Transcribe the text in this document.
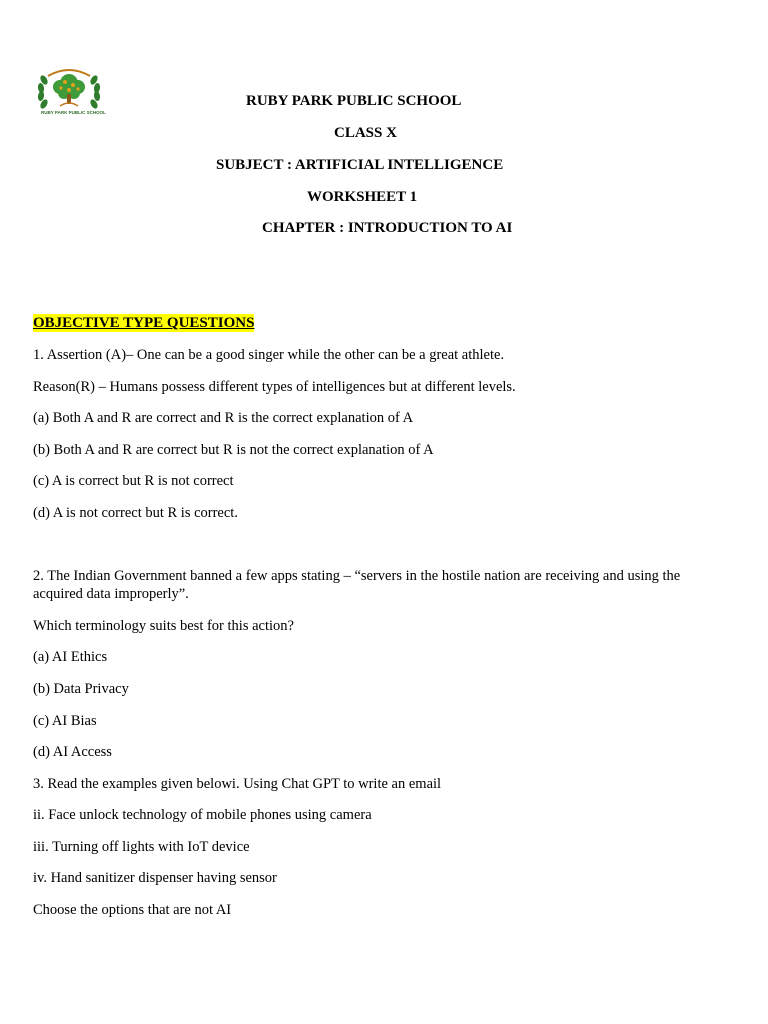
RUBY PARK PUBLIC SCHOOL
RUBY PARK PUBLIC SCHOOL
CLASS X
SUBJECT : ARTIFICIAL INTELLIGENCE
WORKSHEET 1
CHAPTER : INTRODUCTION TO AI
OBJECTIVE TYPE QUESTIONS
1. Assertion (A)– One can be a good singer while the other can be a great athlete.
Reason(R) – Humans possess different types of intelligences but at different levels.
(a) Both A and R are correct and R is the correct explanation of A
(b) Both A and R are correct but R is not the correct explanation of A
(c) A is correct but R is not correct
(d) A is not correct but R is correct.
2. The Indian Government banned a few apps stating – “servers in the hostile nation are receiving and using the acquired data improperly”.
Which terminology suits best for this action?
(a) AI Ethics
(b) Data Privacy
(c) AI Bias
(d) AI Access
3. Read the examples given belowi. Using Chat GPT to write an email
ii. Face unlock technology of mobile phones using camera
iii. Turning off lights with IoT device
iv. Hand sanitizer dispenser having sensor
Choose the options that are not AI
